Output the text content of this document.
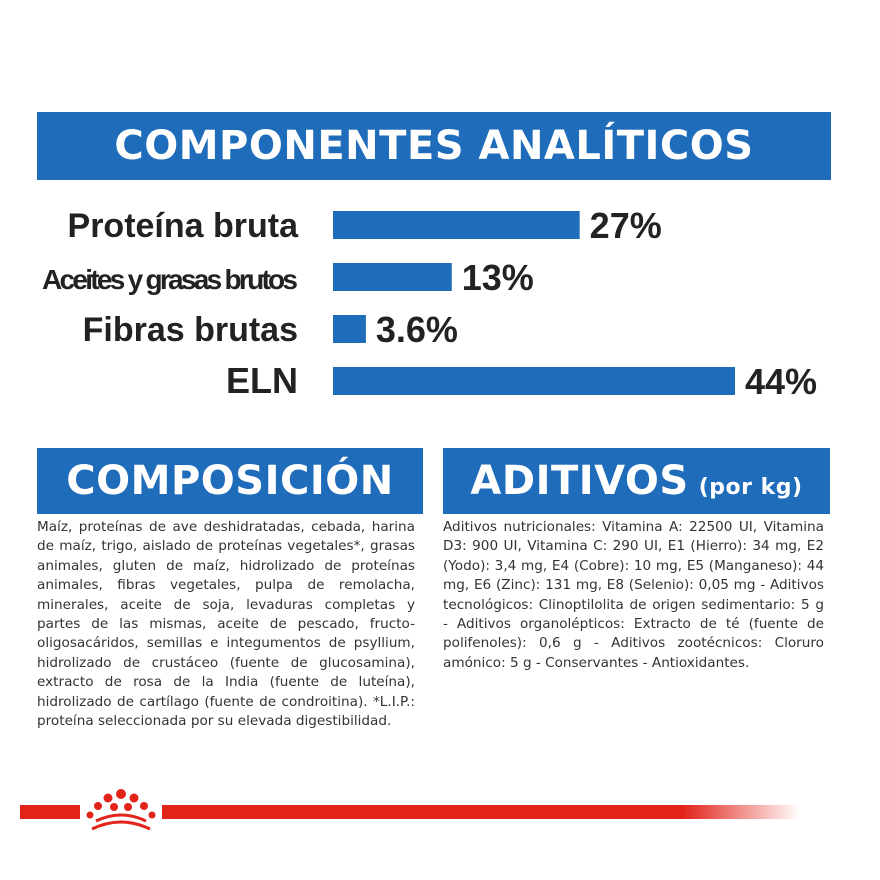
COMPONENTES ANALÍTICOS
Proteína bruta	27%
Aceites y grasas brutos	13%
Fibras brutas 3.6%
ELN	44%
COMPOSICIÓN
Maíz, proteínas de ave deshidratadas, cebada, harina de maíz, trigo, aislado de proteínas vegetales*, grasas animales, gluten de maíz, hidrolizado de proteínas animales, fibras vegetales, pulpa de remolacha, minerales, aceite de soja, levaduras completas y partes de las mismas, aceite de pescado, fructo-oligosacáridos, semillas e integumentos de psyllium, hidrolizado de crustáceo (fuente de glucosamina), extracto de rosa de la India (fuente de luteína), hidrolizado de cartílago (fuente de condroitina). *L.I.P.: proteína seleccionada por su elevada digestibilidad.
ADITIVOS (por kg)
Aditivos nutricionales: Vitamina A: 22500 UI, Vitamina D3: 900 UI, Vitamina C: 290 UI, E1 (Hierro): 34 mg, E2 (Yodo): 3,4 mg, E4 (Cobre): 10 mg, E5 (Manganeso): 44 mg, E6 (Zinc): 131 mg, E8 (Selenio): 0,05 mg - Aditivos tecnológicos: Clinoptilolita de origen sedimentario: 5 g - Aditivos organolépticos: Extracto de té (fuente de polifenoles): 0,6 g - Aditivos zootécnicos: Cloruro amónico: 5 g - Conservantes - Antioxidantes.
